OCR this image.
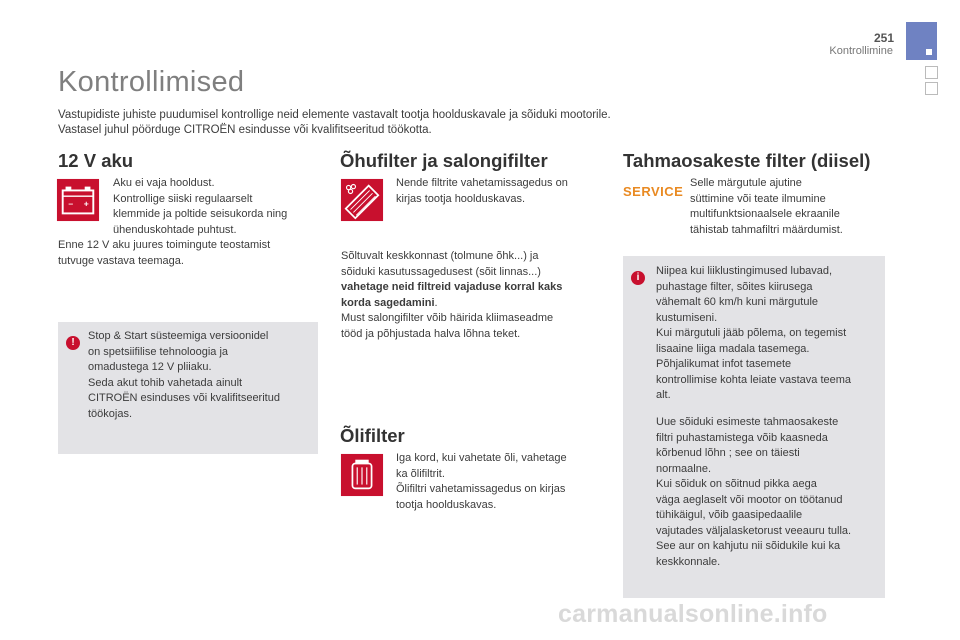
251
Kontrollimine
Kontrollimised
Vastupidiste juhiste puudumisel kontrollige neid elemente vastavalt tootja hoolduskavale ja sõiduki mootorile.
Vastasel juhul pöörduge CITROËN esindusse või kvalifitseeritud töökotta.
12 V aku
– +
Aku ei vaja hooldust.
Kontrollige siiski regulaarselt
klemmide ja poltide seisukorda ning
ühenduskohtade puhtust.
Enne 12 V aku juures toimingute teostamist
tutvuge vastava teemaga.
!
Stop & Start süsteemiga versioonidel
on spetsiifilise tehnoloogia ja
omadustega 12 V pliiaku.
Seda akut tohib vahetada ainult
CITROËN esinduses või kvalifitseeritud
töökojas.
Õhufilter ja salongifilter
Nende filtrite vahetamissagedus on
kirjas tootja hoolduskavas.
Sõltuvalt keskkonnast (tolmune õhk...) ja
sõiduki kasutussagedusest (sõit linnas...)
vahetage neid filtreid vajaduse korral kaks
korda sagedamini.
Must salongifilter võib häirida kliimaseadme
tööd ja põhjustada halva lõhna teket.
Õlifilter
Iga kord, kui vahetate õli, vahetage
ka õlifiltrit.
Õlifiltri vahetamissagedus on kirjas
tootja hoolduskavas.
Tahmaosakeste filter (diisel)
SERVICE
Selle märgutule ajutine
süttimine või teate ilmumine
multifunktsionaalsele ekraanile
tähistab tahmafiltri määrdumist.
i
Niipea kui liiklustingimused lubavad,
puhastage filter, sõites kiirusega
vähemalt 60 km/h kuni märgutule
kustumiseni.
Kui märgutuli jääb põlema, on tegemist
lisaaine liiga madala tasemega.
Põhjalikumat infot tasemete
kontrollimise kohta leiate vastava teema
alt.
Uue sõiduki esimeste tahmaosakeste
filtri puhastamistega võib kaasneda
kõrbenud lõhn ; see on täiesti
normaalne.
Kui sõiduk on sõitnud pikka aega
väga aeglaselt või mootor on töötanud
tühikäigul, võib gaasipedaalile
vajutades väljalasketorust veeauru tulla.
See aur on kahjutu nii sõidukile kui ka
keskkonnale.
carmanualsonline.info
